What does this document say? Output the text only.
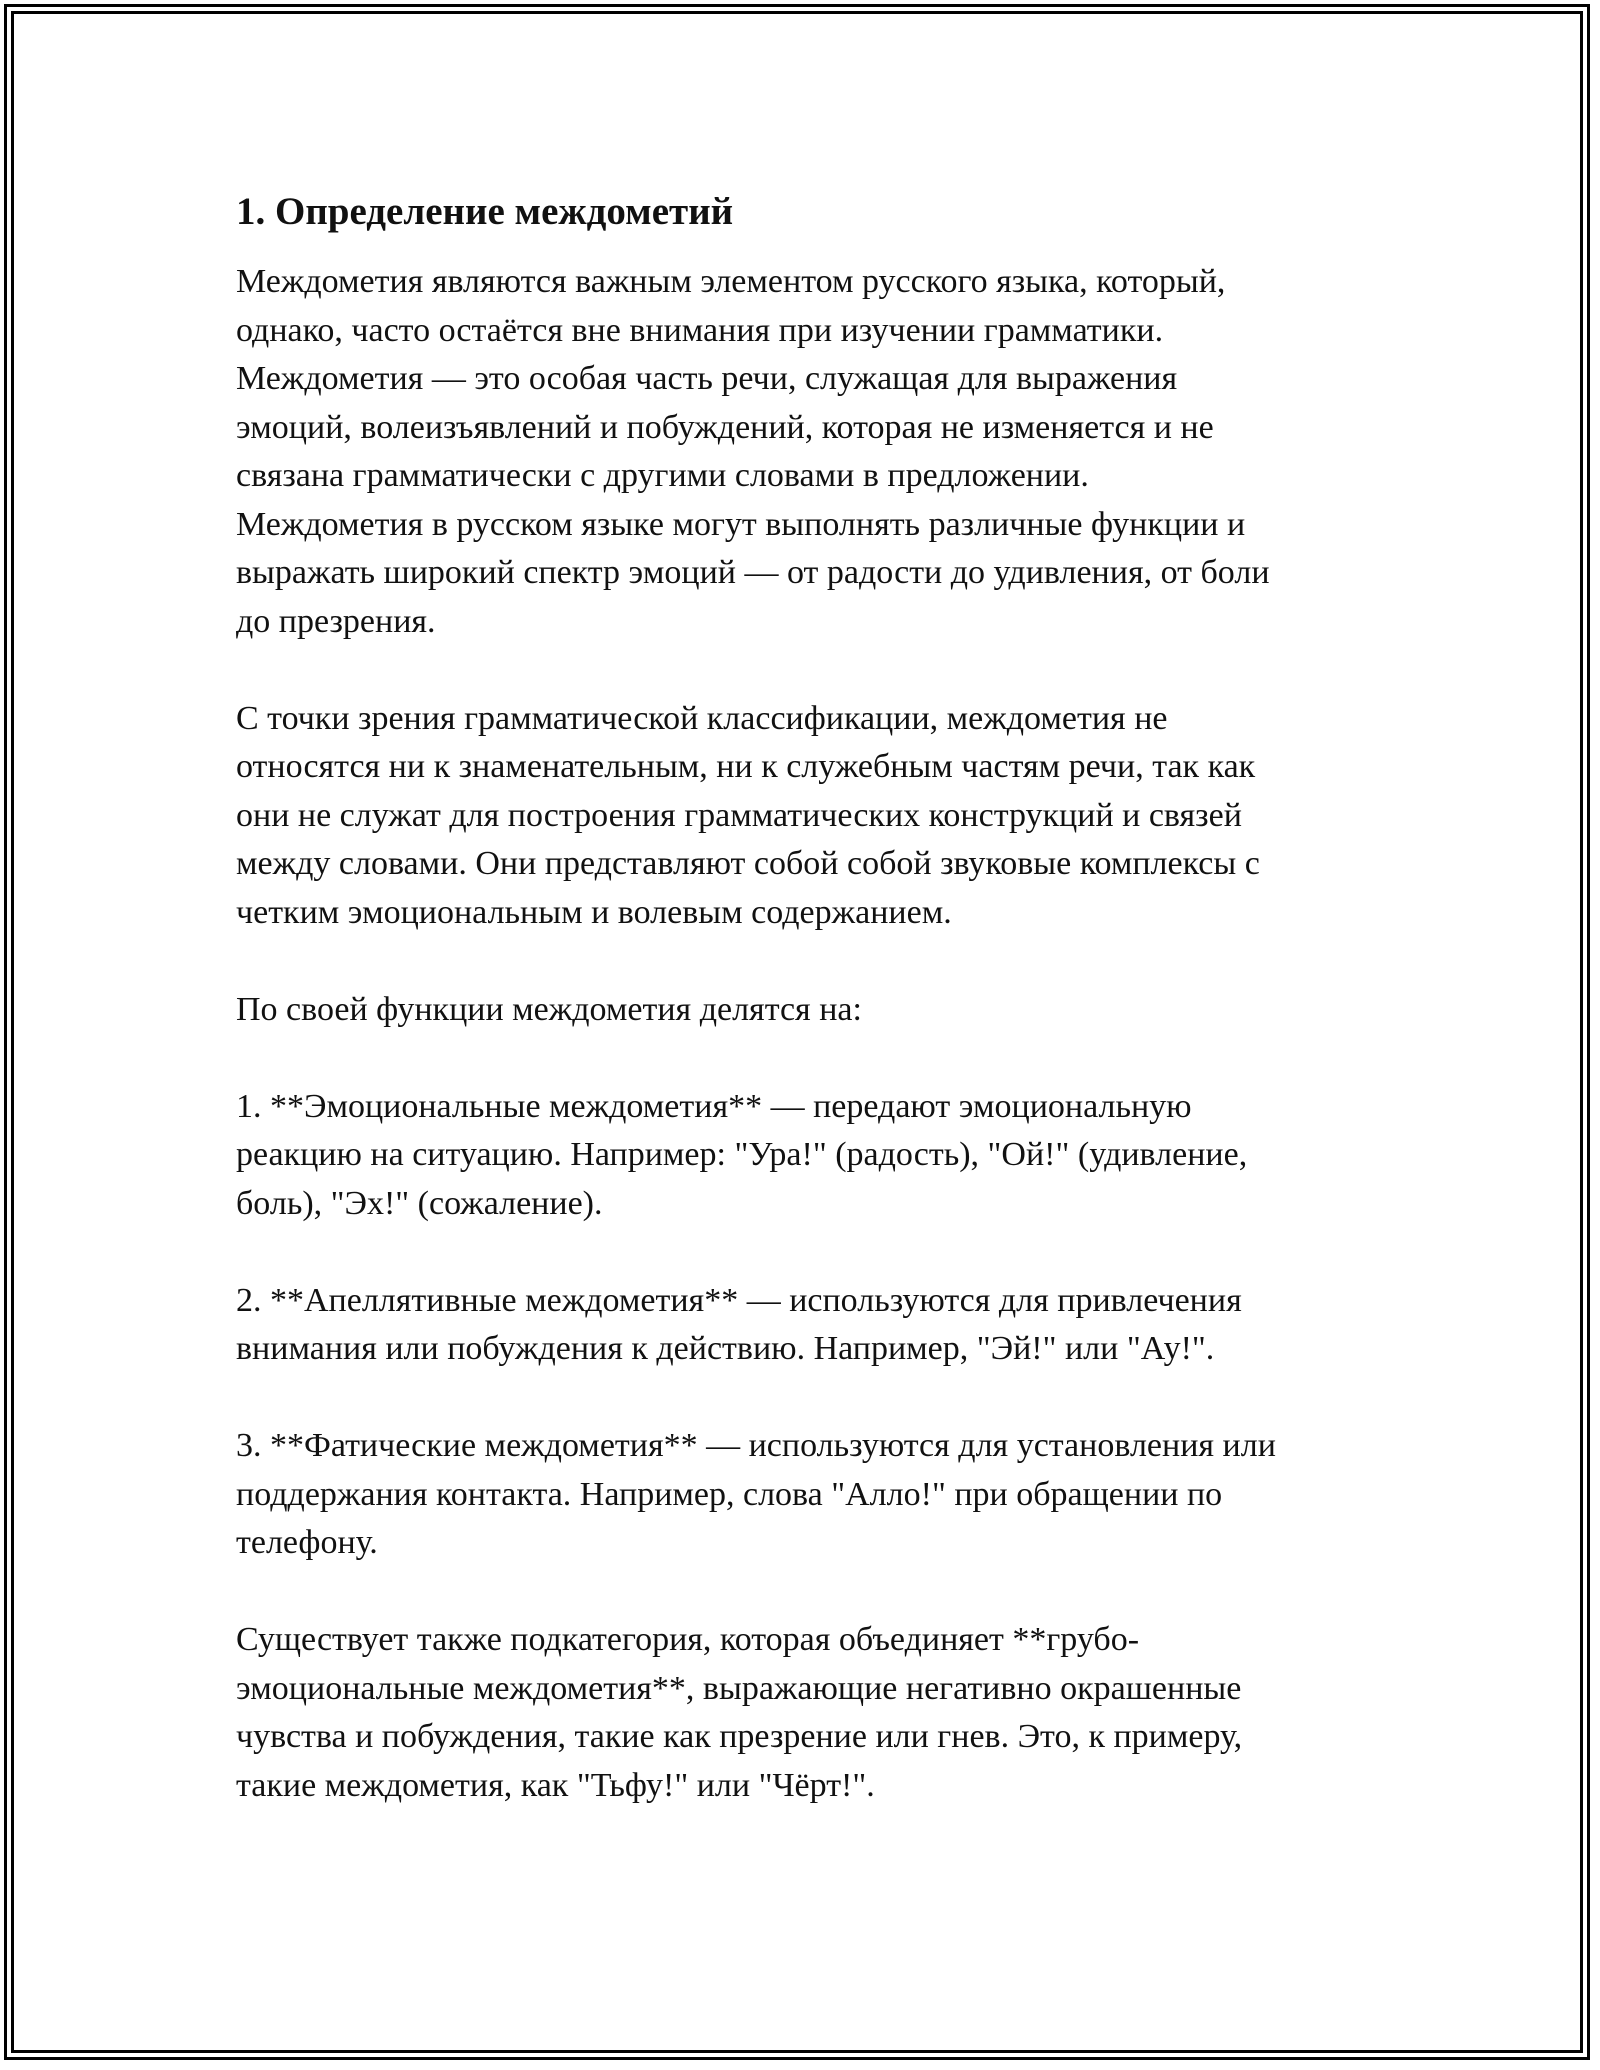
1. Определение междометий
Междометия являются важным элементом русского языка, который,
однако, часто остаётся вне внимания при изучении грамматики.
Междометия — это особая часть речи, служащая для выражения
эмоций, волеизъявлений и побуждений, которая не изменяется и не
связана грамматически с другими словами в предложении.
Междометия в русском языке могут выполнять различные функции и
выражать широкий спектр эмоций — от радости до удивления, от боли
до презрения.
С точки зрения грамматической классификации, междометия не
относятся ни к знаменательным, ни к служебным частям речи, так как
они не служат для построения грамматических конструкций и связей
между словами. Они представляют собой собой звуковые комплексы с
четким эмоциональным и волевым содержанием.
По своей функции междометия делятся на:
1. **Эмоциональные междометия** — передают эмоциональную
реакцию на ситуацию. Например: "Ура!" (радость), "Ой!" (удивление,
боль), "Эх!" (сожаление).
2. **Апеллятивные междометия** — используются для привлечения
внимания или побуждения к действию. Например, "Эй!" или "Ау!".
3. **Фатические междометия** — используются для установления или
поддержания контакта. Например, слова "Алло!" при обращении по
телефону.
Существует также подкатегория, которая объединяет **грубо-
эмоциональные междометия**, выражающие негативно окрашенные
чувства и побуждения, такие как презрение или гнев. Это, к примеру,
такие междометия, как "Тьфу!" или "Чёрт!".
